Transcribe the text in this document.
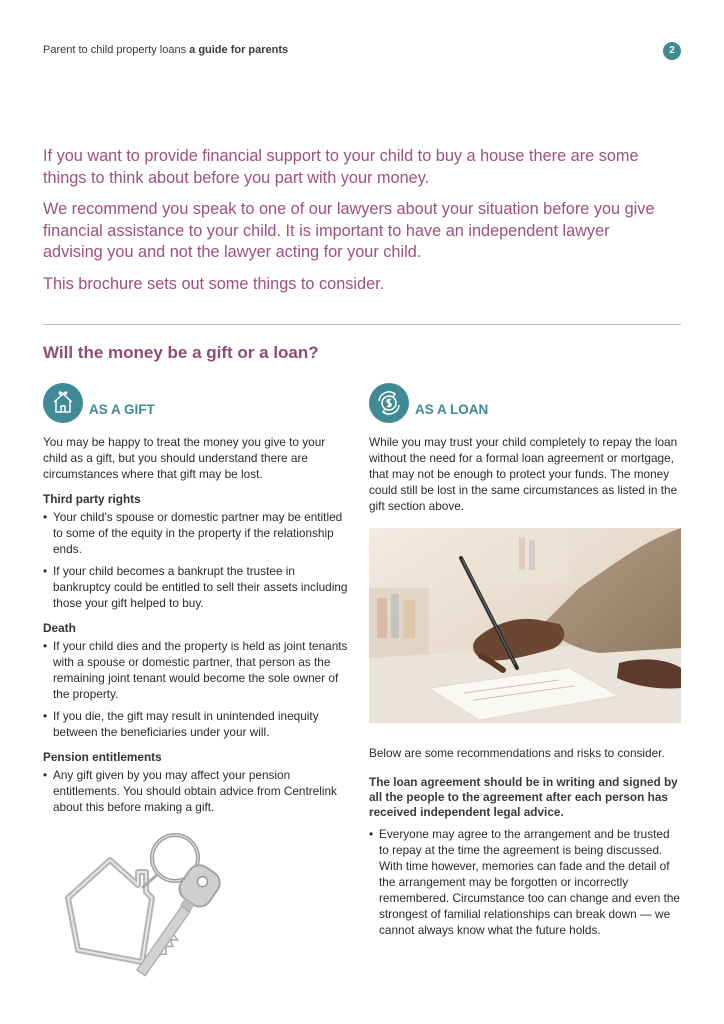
Parent to child property loans a guide for parents	2

If you want to provide financial support to your child to buy a house there are some things to think about before you part with your money.

We recommend you speak to one of our lawyers about your situation before you give financial assistance to your child. It is important to have an independent lawyer advising you and not the lawyer acting for your child.

This brochure sets out some things to consider.

Will the money be a gift or a loan?
AS A GIFT
You may be happy to treat the money you give to your child as a gift, but you should understand there are circumstances where that gift may be lost.
Third party rights
• Your child’s spouse or domestic partner may be entitled to some of the equity in the property if the relationship ends.
• If your child becomes a bankrupt the trustee in bankruptcy could be entitled to sell their assets including those your gift helped to buy.
Death
• If your child dies and the property is held as joint tenants with a spouse or domestic partner, that person as the remaining joint tenant would become the sole owner of the property.
• If you die, the gift may result in unintended inequity between the beneficiaries under your will.
Pension entitlements
• Any gift given by you may affect your pension entitlements. You should obtain advice from Centrelink about this before making a gift.
AS A LOAN
While you may trust your child completely to repay the loan without the need for a formal loan agreement or mortgage, that may not be enough to protect your funds. The money could still be lost in the same circumstances as listed in the gift section above.
Below are some recommendations and risks to consider.
The loan agreement should be in writing and signed by all the people to the agreement after each person has received independent legal advice.
• Everyone may agree to the arrangement and be trusted to repay at the time the agreement is being discussed. With time however, memories can fade and the detail of the arrangement may be forgotten or incorrectly remembered. Circumstance too can change and even the strongest of familial relationships can break down — we cannot always know what the future holds.
